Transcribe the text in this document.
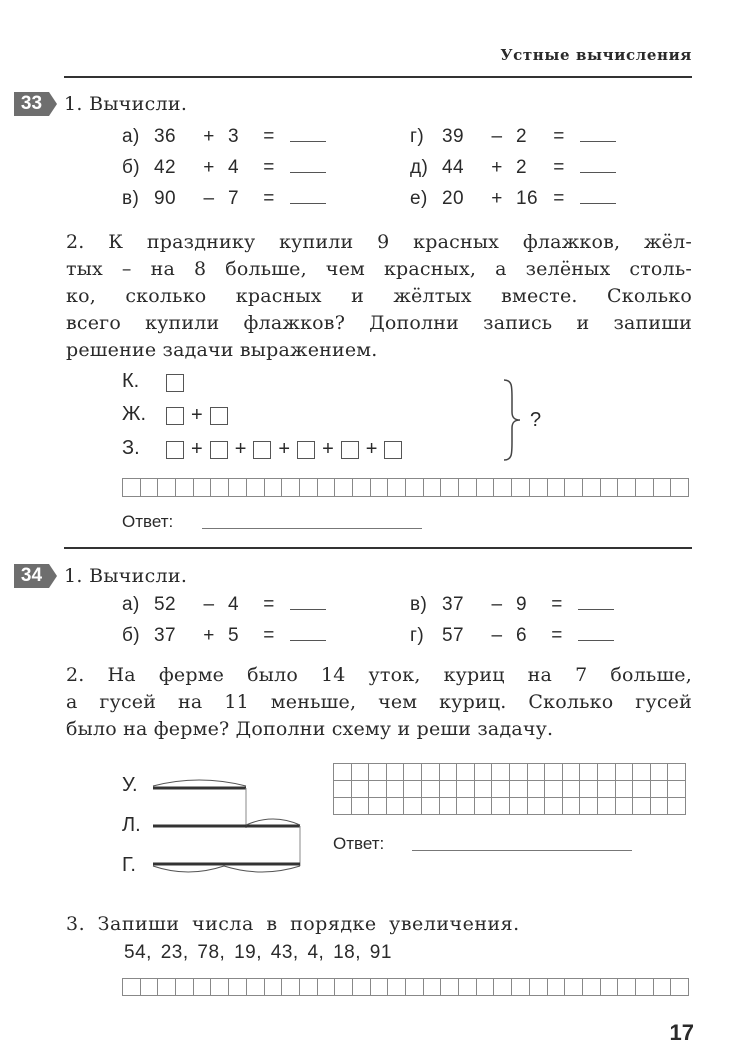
Устные вычисления
33	1. Вычисли.
а) 36 + 3 =
б) 42 + 4 =
в) 90 – 7 =
г) 39 – 2 =
д) 44 + 2 =
е) 20 + 16 =
2. К празднику купили 9 красных флажков, жёл-
тых – на 8 больше, чем красных, а зелёных столь-
ко, сколько красных и жёлтых вместе. Сколько
всего купили флажков? Дополни запись и запиши
решение задачи выражением.
К.
Ж. +
З.	+ + + + +
?
Ответ:
34	1. Вычисли.
а) 52 – 4 =
б) 37 + 5 =
в) 37 – 9 =
г) 57 – 6 =
2. На ферме было 14 уток, куриц на 7 больше,
а гусей на 11 меньше, чем куриц. Сколько гусей
было на ферме? Дополни схему и реши задачу.
У.
Л.
Г.
Ответ:
3. Запиши числа в порядке увеличения.
54, 23, 78, 19, 43, 4, 18, 91
17
